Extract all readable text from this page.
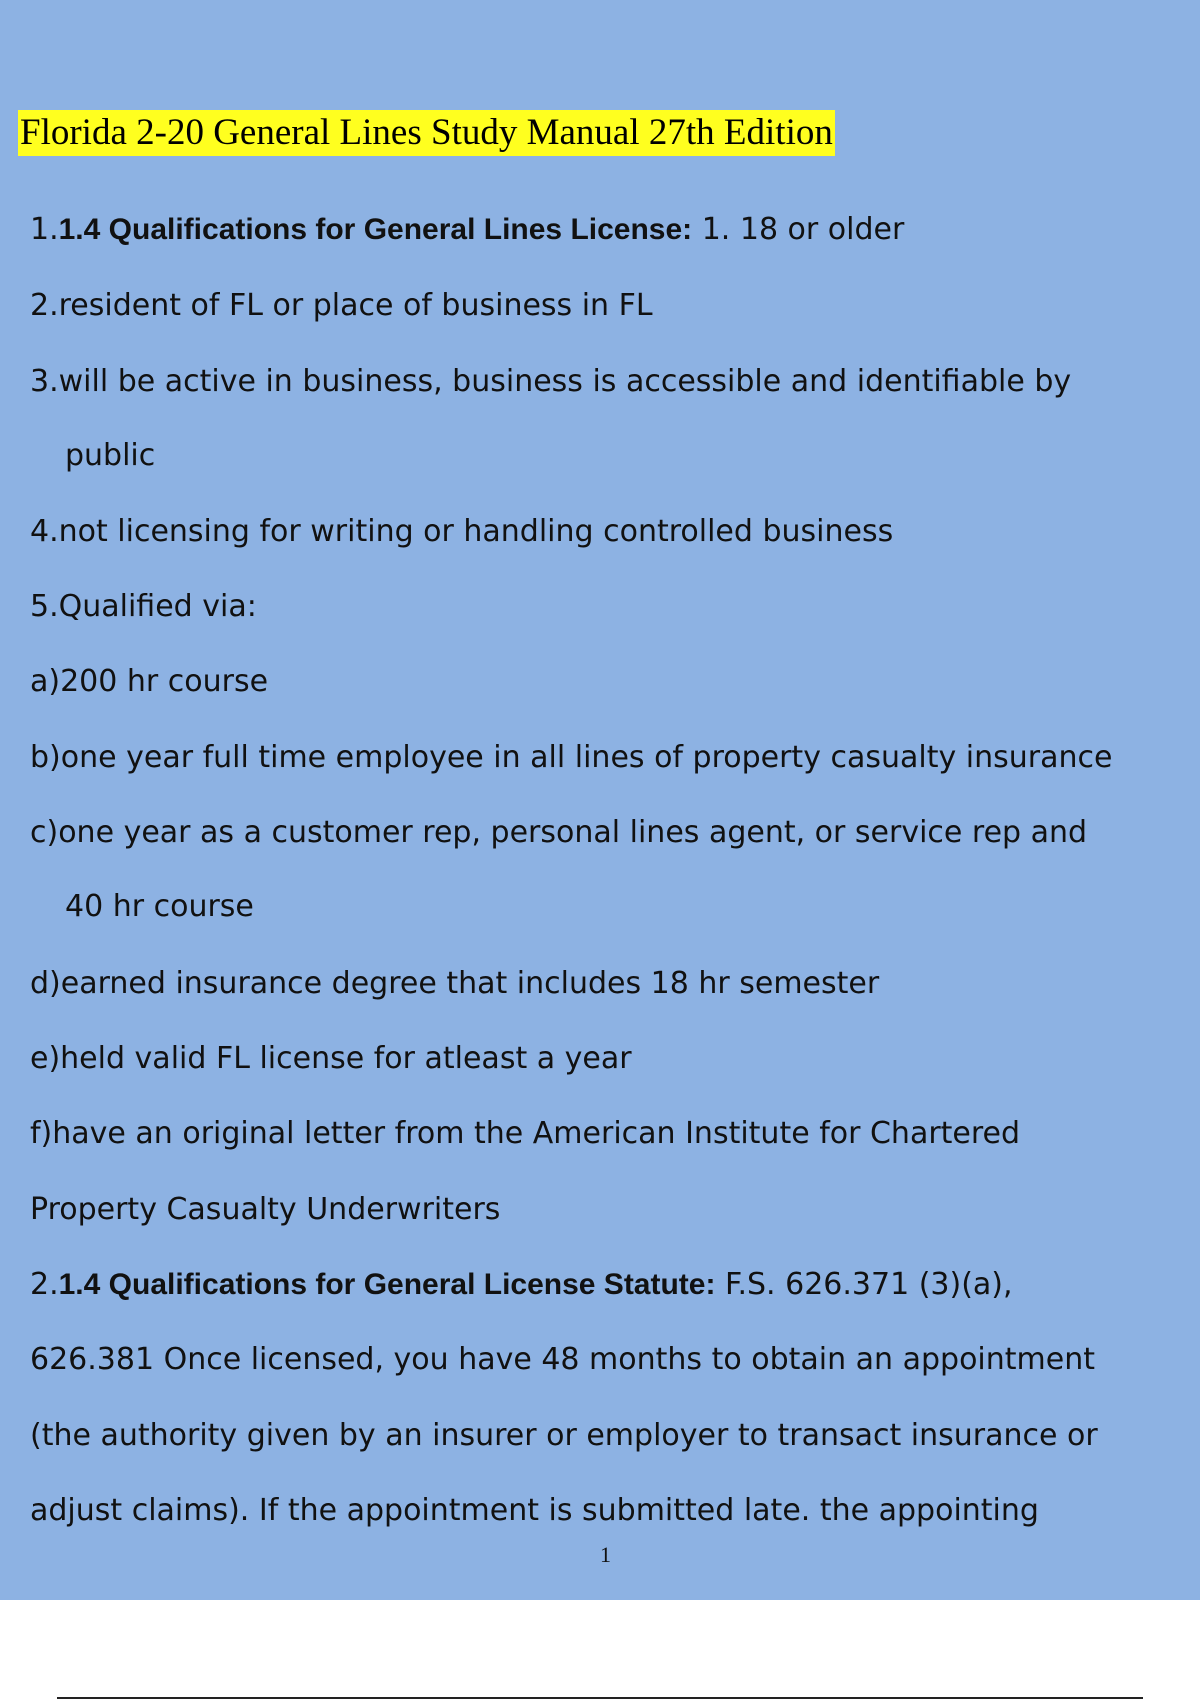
Florida 2-20 General Lines Study Manual 27th Edition
1.1.4 Qualifications for General Lines License: 1. 18 or older
2.resident of FL or place of business in FL
3.will be active in business, business is accessible and identifiable by
public
4.not licensing for writing or handling controlled business
5.Qualified via:
a)200 hr course
b)one year full time employee in all lines of property casualty insurance
c)one year as a customer rep, personal lines agent, or service rep and
40 hr course
d)earned insurance degree that includes 18 hr semester
e)held valid FL license for atleast a year
f)have an original letter from the American Institute for Chartered
Property Casualty Underwriters
2.1.4 Qualifications for General License Statute: F.S. 626.371 (3)(a),
626.381 Once licensed, you have 48 months to obtain an appointment
(the authority given by an insurer or employer to transact insurance or
adjust claims). If the appointment is submitted late. the appointing
1
